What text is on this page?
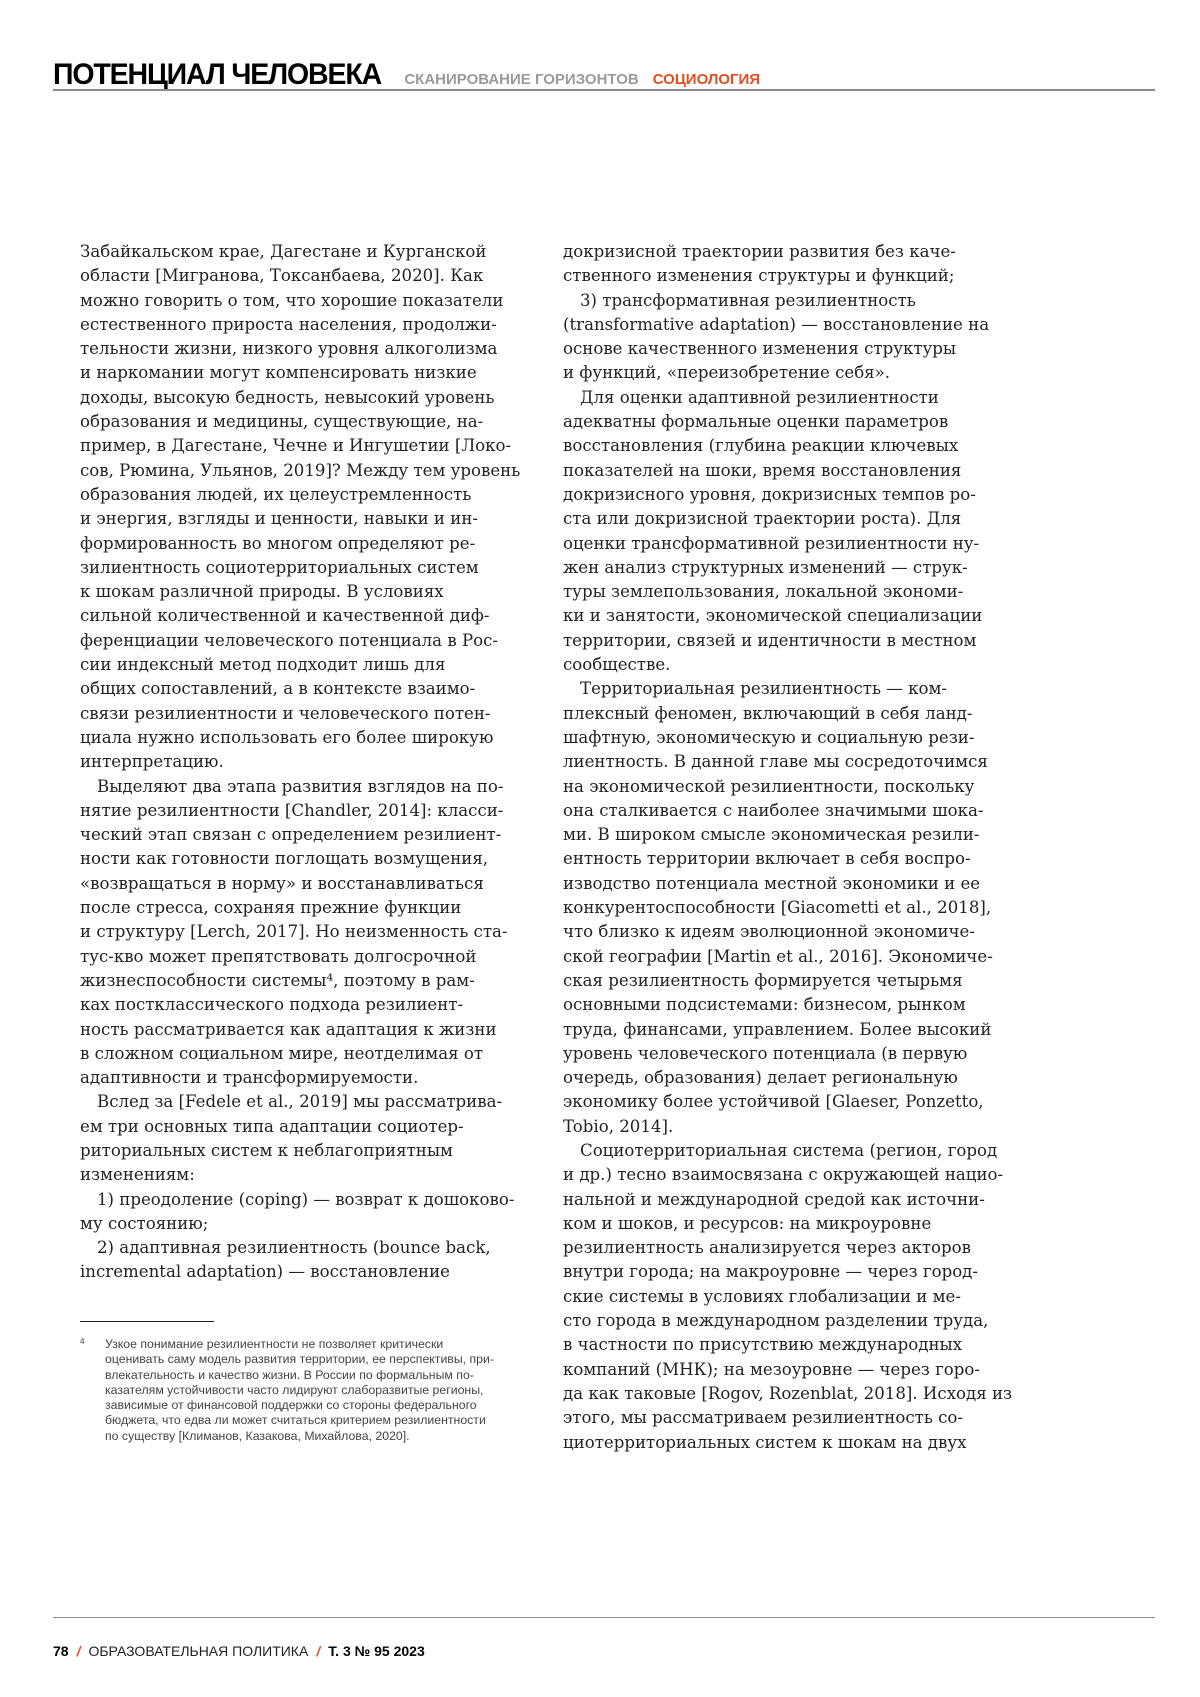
ПОТЕНЦИАЛ ЧЕЛОВЕКА СКАНИРОВАНИЕ ГОРИЗОНТОВ СОЦИОЛОГИЯ
Забайкальском крае, Дагестане и Курганской
области [Мигранова, Токсанбаева, 2020]. Как
можно говорить о том, что хорошие показатели
естественного прироста населения, продолжи-
тельности жизни, низкого уровня алкоголизма
и наркомании могут компенсировать низкие
доходы, высокую бедность, невысокий уровень
образования и медицины, существующие, на-
пример, в Дагестане, Чечне и Ингушетии [Локо-
сов, Рюмина, Ульянов, 2019]? Между тем уровень
образования людей, их целеустремленность
и энергия, взгляды и ценности, навыки и ин-
формированность во многом определяют ре-
зилиентность социотерриториальных систем
к шокам различной природы. В условиях
сильной количественной и качественной диф-
ференциации человеческого потенциала в Рос-
сии индексный метод подходит лишь для
общих сопоставлений, а в контексте взаимо-
связи резилиентности и человеческого потен-
циала нужно использовать его более широкую
интерпретацию.
Выделяют два этапа развития взглядов на по-
нятие резилиентности [Chandler, 2014]: класси-
ческий этап связан с определением резилиент-
ности как готовности поглощать возмущения,
«возвращаться в норму» и восстанавливаться
после стресса, сохраняя прежние функции
и структуру [Lerch, 2017]. Но неизменность ста-
тус-кво может препятствовать долгосрочной
жизнеспособности системы⁴, поэтому в рам-
ках постклассического подхода резилиент-
ность рассматривается как адаптация к жизни
в сложном социальном мире, неотделимая от
адаптивности и трансформируемости.
Вслед за [Fedele et al., 2019] мы рассматрива-
ем три основных типа адаптации социотер-
риториальных систем к неблагоприятным
изменениям:
1) преодоление (coping) — возврат к дошоково-
му состоянию;
2) адаптивная резилиентность (bounce back,
incremental adaptation) — восстановление
докризисной траектории развития без каче-
ственного изменения структуры и функций;
3) трансформативная резилиентность
(transformative adaptation) — восстановление на
основе качественного изменения структуры
и функций, «переизобретение себя».
Для оценки адаптивной резилиентности
адекватны формальные оценки параметров
восстановления (глубина реакции ключевых
показателей на шоки, время восстановления
докризисного уровня, докризисных темпов ро-
ста или докризисной траектории роста). Для
оценки трансформативной резилиентности ну-
жен анализ структурных изменений — струк-
туры землепользования, локальной экономи-
ки и занятости, экономической специализации
территории, связей и идентичности в местном
сообществе.
Территориальная резилиентность — ком-
плексный феномен, включающий в себя ланд-
шафтную, экономическую и социальную рези-
лиентность. В данной главе мы сосредоточимся
на экономической резилиентности, поскольку
она сталкивается с наиболее значимыми шока-
ми. В широком смысле экономическая резили-
ентность территории включает в себя воспро-
изводство потенциала местной экономики и ее
конкурентоспособности [Giacometti et al., 2018],
что близко к идеям эволюционной экономиче-
ской географии [Martin et al., 2016]. Экономиче-
ская резилиентность формируется четырьмя
основными подсистемами: бизнесом, рынком
труда, финансами, управлением. Более высокий
уровень человеческого потенциала (в первую
очередь, образования) делает региональную
экономику более устойчивой [Glaeser, Ponzetto,
Tobio, 2014].
Социотерриториальная система (регион, город
и др.) тесно взаимосвязана с окружающей нацио-
нальной и международной средой как источни-
ком и шоков, и ресурсов: на микроуровне
резилиентность анализируется через акторов
внутри города; на макроуровне — через город-
ские системы в условиях глобализации и ме-
сто города в международном разделении труда,
в частности по присутствию международных
компаний (МНК); на мезоуровне — через горо-
да как таковые [Rogov, Rozenblat, 2018]. Исходя из
этого, мы рассматриваем резилиентность со-
циотерриториальных систем к шокам на двух
4 Узкое понимание резилиентности не позволяет критически
оценивать саму модель развития территории, ее перспективы, при-
влекательность и качество жизни. В России по формальным по-
казателям устойчивости часто лидируют слаборазвитые регионы,
зависимые от финансовой поддержки со стороны федерального
бюджета, что едва ли может считаться критерием резилиентности
по существу [Климанов, Казакова, Михайлова, 2020].
78 / ОБРАЗОВАТЕЛЬНАЯ ПОЛИТИКА / Т. 3 № 95 2023
